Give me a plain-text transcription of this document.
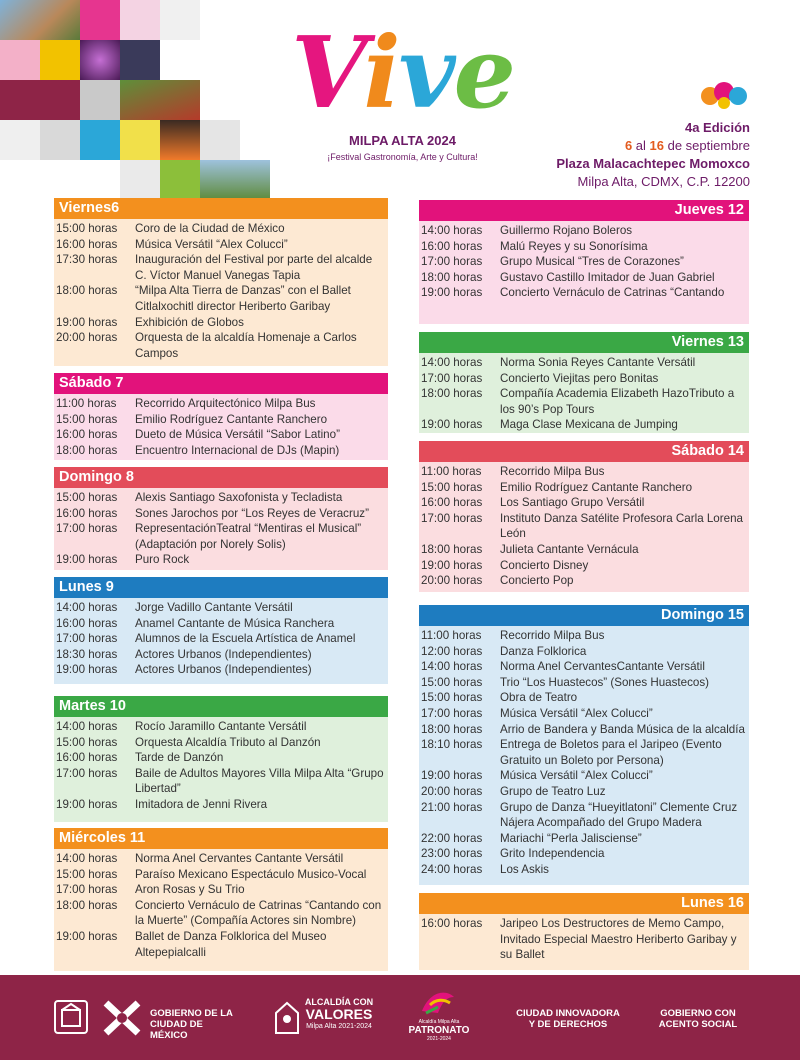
Vive
MILPA ALTA 2024
¡Festival Gastronomía, Arte y Cultura!
4a Edición
6 al 16 de septiembre
Plaza Malacachtepec Momoxco
Milpa Alta, CDMX, C.P. 12200
Viernes6
15:00 horas	Coro de la Ciudad de México
16:00 horas	Música Versátil “Alex Colucci”
17:30 horas	Inauguración del Festival por parte del alcalde C. Víctor Manuel Vanegas Tapia
18:00 horas	“Milpa Alta Tierra de Danzas” con el Ballet Citlalxochitl director Heriberto Garibay
19:00 horas	Exhibición de Globos
20:00 horas	Orquesta de la alcaldía Homenaje a Carlos Campos
Sábado 7
11:00 horas	Recorrido Arquitectónico Milpa Bus
15:00 horas	Emilio Rodríguez Cantante Ranchero
16:00 horas	Dueto de Música Versátil “Sabor Latino”
18:00 horas	Encuentro Internacional de DJs (Mapin)
Domingo 8
15:00 horas	Alexis Santiago Saxofonista y Tecladista
16:00 horas	Sones Jarochos por “Los Reyes de Veracruz”
17:00 horas	RepresentaciónTeatral “Mentiras el Musical” (Adaptación por Norely Solis)
19:00 horas	Puro Rock
Lunes 9
14:00 horas	Jorge Vadillo Cantante Versátil
16:00 horas	Anamel Cantante de Música Ranchera
17:00 horas	Alumnos de la Escuela Artística de Anamel
18:30 horas	Actores Urbanos (Independientes)
19:00 horas	Actores Urbanos (Independientes)
Martes 10
14:00 horas	Rocío Jaramillo Cantante Versátil
15:00 horas	Orquesta Alcaldía Tributo al Danzón
16:00 horas	Tarde de Danzón
17:00 horas	Baile de Adultos Mayores Villa Milpa Alta “Grupo Libertad”
19:00 horas	Imitadora de Jenni Rivera
Miércoles 11
14:00 horas	Norma Anel Cervantes Cantante Versátil
15:00 horas	Paraíso Mexicano Espectáculo Musico-Vocal
17:00 horas	Aron Rosas y Su Trio
18:00 horas	Concierto Vernáculo de Catrinas “Cantando con la Muerte” (Compañía Actores sin Nombre)
19:00 horas	Ballet de Danza Folklorica del Museo Altepepialcalli
Jueves 12
14:00 horas	Guillermo Rojano Boleros
16:00 horas	Malú Reyes y su Sonorísima
17:00 horas	Grupo Musical “Tres de Corazones”
18:00 horas	Gustavo Castillo Imitador de Juan Gabriel
19:00 horas	Concierto Vernáculo de Catrinas “Cantando
Viernes 13
14:00 horas	Norma Sonia Reyes Cantante Versátil
17:00 horas	Concierto Viejitas pero Bonitas
18:00 horas	Compañía Academia Elizabeth HazoTributo a los 90’s Pop Tours
19:00 horas	Maga Clase Mexicana de Jumping
Sábado 14
11:00 horas	Recorrido Milpa Bus
15:00 horas	Emilio Rodríguez Cantante Ranchero
16:00 horas	Los Santiago Grupo Versátil
17:00 horas	Instituto Danza Satélite Profesora Carla Lorena León
18:00 horas	Julieta Cantante Vernácula
19:00 horas	Concierto Disney
20:00 horas	Concierto Pop
Domingo 15
11:00 horas	Recorrido Milpa Bus
12:00 horas	Danza Folklorica
14:00 horas	Norma Anel CervantesCantante Versátil
15:00 horas	Trio “Los Huastecos” (Sones Huastecos)
15:00 horas	Obra de Teatro
17:00 horas	Música Versátil “Alex Colucci”
18:00 horas	Arrio de Bandera y Banda Música de la alcaldía
18:10 horas	Entrega de Boletos para el Jaripeo (Evento Gratuito un Boleto por Persona)
19:00 horas	Música Versátil “Alex Colucci”
20:00 horas	Grupo de Teatro Luz
21:00 horas	Grupo de Danza “Hueyitlatoni” Clemente Cruz Nájera Acompañado del Grupo Madera
22:00 horas	Mariachi “Perla Jalisciense”
23:00 horas	Grito Independencia
24:00 horas	Los Askis
Lunes 16
16:00 horas	Jaripeo Los Destructores de Memo Campo, Invitado Especial Maestro Heriberto Garibay y su Ballet
GOBIERNO DE LA
CIUDAD DE MÉXICO
ALCALDÍA CON
VALORES
Milpa Alta 2021-2024
Alcaldía Milpa Alta
PATRONATO
2021-2024
CIUDAD INNOVADORA
Y DE DERECHOS
GOBIERNO CON
ACENTO SOCIAL
